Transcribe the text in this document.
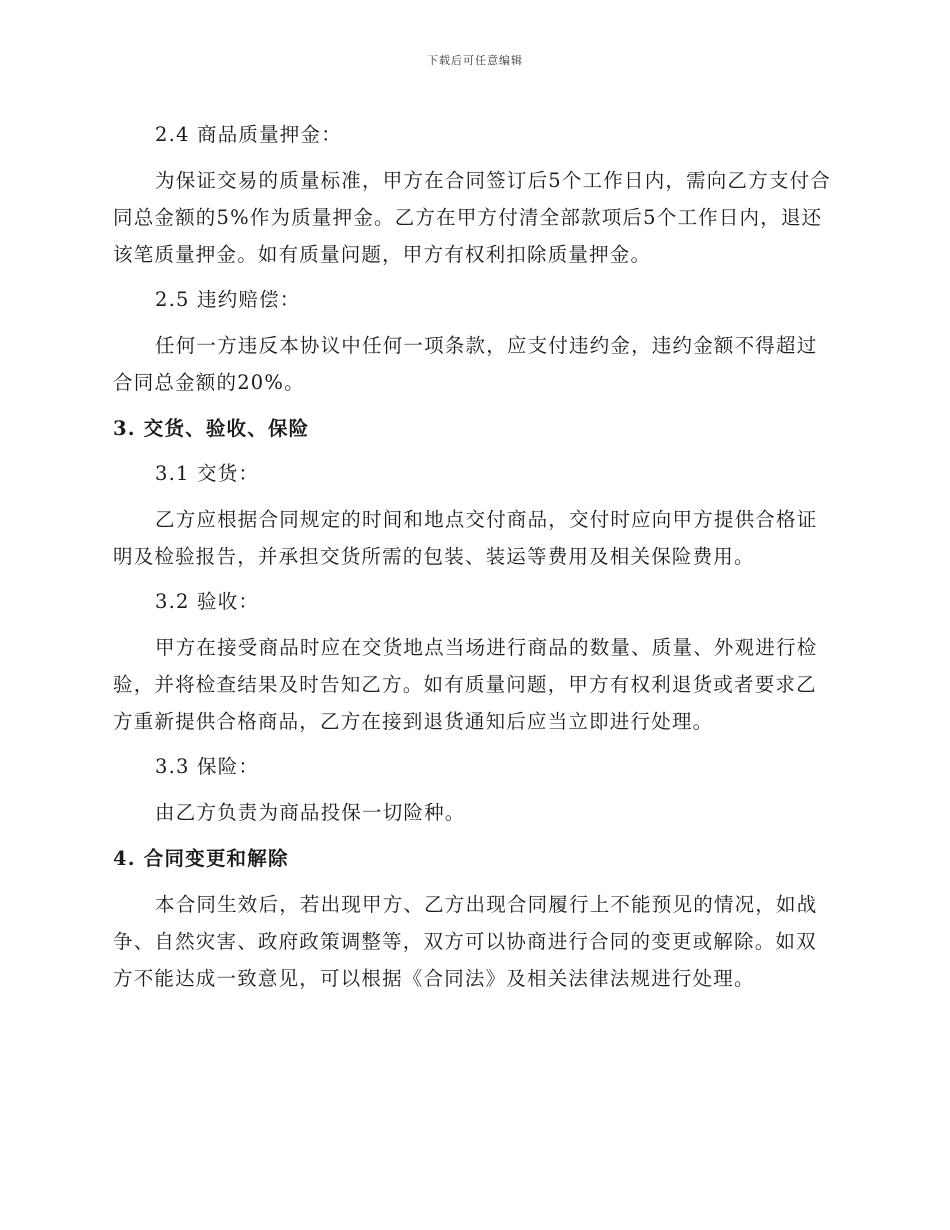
下载后可任意编辑

2.4 商品质量押金：

为保证交易的质量标准，甲方在合同签订后5个工作日内，需向乙方支付合同总金额的5%作为质量押金。乙方在甲方付清全部款项后5个工作日内，退还该笔质量押金。如有质量问题，甲方有权利扣除质量押金。

2.5 违约赔偿：

任何一方违反本协议中任何一项条款，应支付违约金，违约金额不得超过合同总金额的20%。

3. 交货、验收、保险

3.1 交货：

乙方应根据合同规定的时间和地点交付商品，交付时应向甲方提供合格证明及检验报告，并承担交货所需的包装、装运等费用及相关保险费用。

3.2 验收：

甲方在接受商品时应在交货地点当场进行商品的数量、质量、外观进行检验，并将检查结果及时告知乙方。如有质量问题，甲方有权利退货或者要求乙方重新提供合格商品，乙方在接到退货通知后应当立即进行处理。

3.3 保险：

由乙方负责为商品投保一切险种。

4. 合同变更和解除

本合同生效后，若出现甲方、乙方出现合同履行上不能预见的情况，如战争、自然灾害、政府政策调整等，双方可以协商进行合同的变更或解除。如双方不能达成一致意见，可以根据《合同法》及相关法律法规进行处理。
